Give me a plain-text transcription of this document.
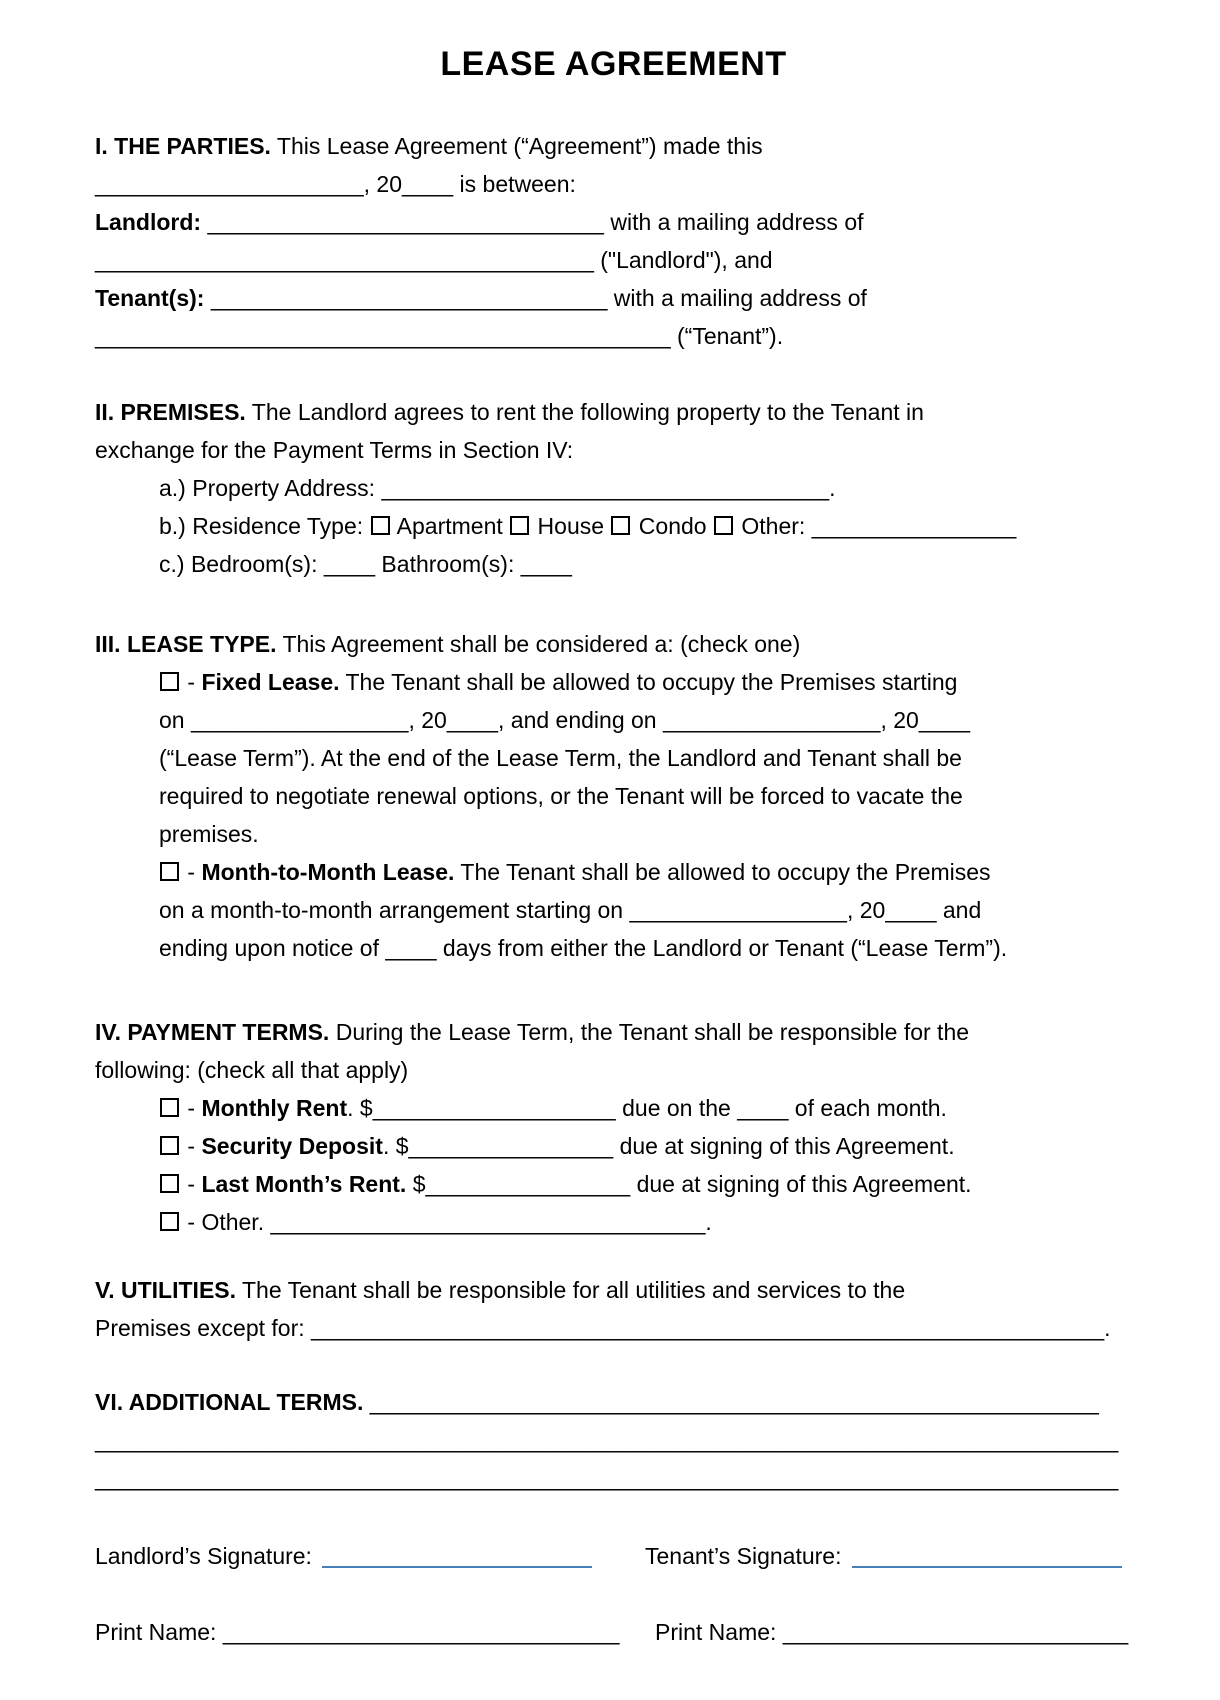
LEASE AGREEMENT
I. THE PARTIES. This Lease Agreement (“Agreement”) made this
_____________________, 20____ is between:
Landlord: _______________________________ with a mailing address of
_______________________________________ ("Landlord"), and
Tenant(s): _______________________________ with a mailing address of
_____________________________________________ (“Tenant”).
II. PREMISES. The Landlord agrees to rent the following property to the Tenant in
exchange for the Payment Terms in Section IV:
a.) Property Address: ___________________________________.
b.) Residence Type:  Apartment  House  Condo  Other: ________________
c.) Bedroom(s): ____ Bathroom(s): ____
III. LEASE TYPE. This Agreement shall be considered a: (check one)
- Fixed Lease. The Tenant shall be allowed to occupy the Premises starting
on _________________, 20____, and ending on _________________, 20____
(“Lease Term”). At the end of the Lease Term, the Landlord and Tenant shall be
required to negotiate renewal options, or the Tenant will be forced to vacate the
premises.
- Month-to-Month Lease. The Tenant shall be allowed to occupy the Premises
on a month-to-month arrangement starting on _________________, 20____ and
ending upon notice of ____ days from either the Landlord or Tenant (“Lease Term”).
IV. PAYMENT TERMS. During the Lease Term, the Tenant shall be responsible for the
following: (check all that apply)
- Monthly Rent. $___________________ due on the ____ of each month.
- Security Deposit. $________________ due at signing of this Agreement.
- Last Month’s Rent. $________________ due at signing of this Agreement.
- Other. __________________________________.
V. UTILITIES. The Tenant shall be responsible for all utilities and services to the
Premises except for: ______________________________________________________________.
VI. ADDITIONAL TERMS. _________________________________________________________
________________________________________________________________________________
________________________________________________________________________________
Landlord’s Signature:	Tenant’s Signature:
Print Name: _______________________________	Print Name: ___________________________
